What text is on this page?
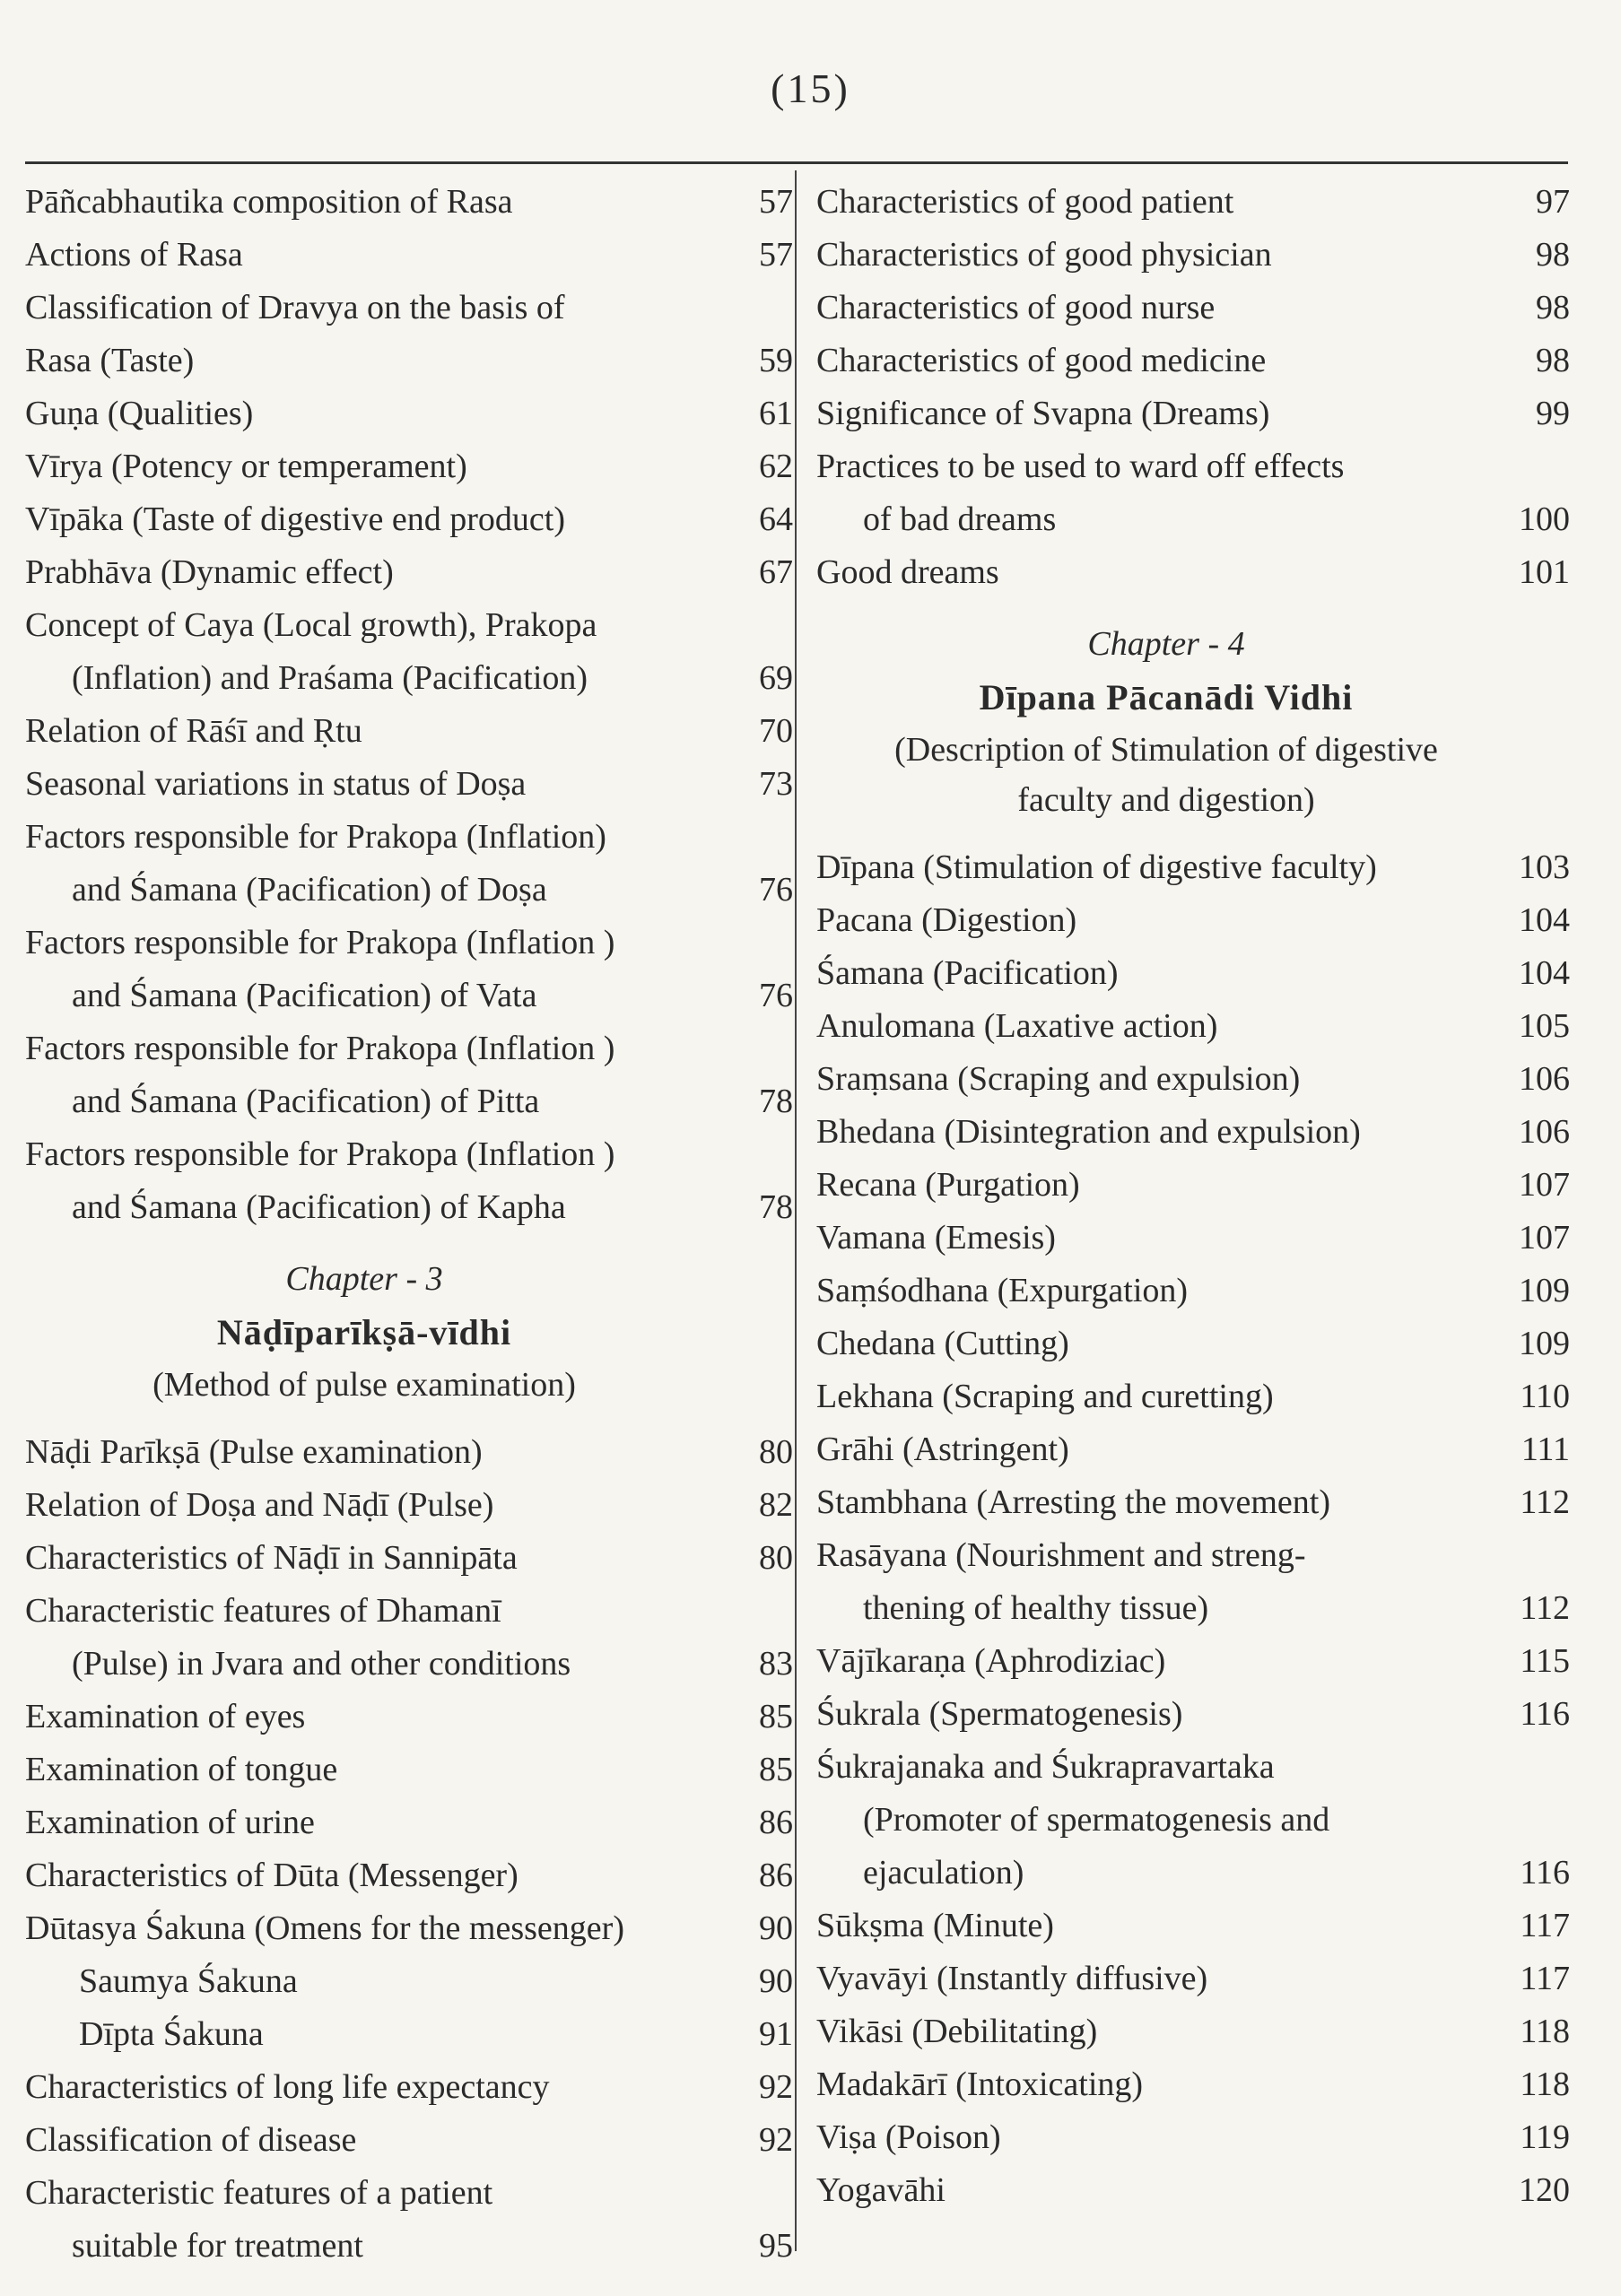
(15)
Pāñcabhautika composition of Rasa	57
Actions of Rasa	57
Classification of Dravya on the basis of
Rasa (Taste)	59
Guṇa (Qualities)	61
Vīrya (Potency or temperament)	62
Vīpāka (Taste of digestive end product)	64
Prabhāva (Dynamic effect)	67
Concept of Caya (Local growth), Prakopa
(Inflation) and Praśama (Pacification)	69
Relation of Rāśī and Ṛtu	70
Seasonal variations in status of Doṣa	73
Factors responsible for Prakopa (Inflation)
and Śamana (Pacification) of Doṣa	76
Factors responsible for Prakopa (Inflation )
and Śamana (Pacification) of Vata	76
Factors responsible for Prakopa (Inflation )
and Śamana (Pacification) of Pitta	78
Factors responsible for Prakopa (Inflation )
and Śamana (Pacification) of Kapha	78
Chapter - 3
Nāḍīparīkṣā-vīdhi
(Method of pulse examination)
Nāḍi Parīkṣā (Pulse examination)	80
Relation of Doṣa and Nāḍī (Pulse)	82
Characteristics of Nāḍī in Sannipāta	80
Characteristic features of Dhamanī
(Pulse) in Jvara and other conditions	83
Examination of eyes	85
Examination of tongue	85
Examination of urine	86
Characteristics of Dūta (Messenger)	86
Dūtasya Śakuna (Omens for the messenger)	90
Saumya Śakuna	90
Dīpta Śakuna	91
Characteristics of long life expectancy	92
Classification of disease	92
Characteristic features of a patient
suitable for treatment	95
Characteristics of good patient	97
Characteristics of good physician	98
Characteristics of good nurse	98
Characteristics of good medicine	98
Significance of Svapna (Dreams)	99
Practices to be used to ward off effects
of bad dreams	100
Good dreams	101
Chapter - 4
Dīpana Pācanādi Vidhi
(Description of Stimulation of digestive
faculty and digestion)
Dīpana (Stimulation of digestive faculty)	103
Pacana (Digestion)	104
Śamana (Pacification)	104
Anulomana (Laxative action)	105
Sraṃsana (Scraping and expulsion)	106
Bhedana (Disintegration and expulsion)	106
Recana (Purgation)	107
Vamana (Emesis)	107
Saṃśodhana (Expurgation)	109
Chedana (Cutting)	109
Lekhana (Scraping and curetting)	110
Grāhi (Astringent)	111
Stambhana (Arresting the movement)	112
Rasāyana (Nourishment and streng-
thening of healthy tissue)	112
Vājīkaraṇa (Aphrodiziac)	115
Śukrala (Spermatogenesis)	116
Śukrajanaka and Śukrapravartaka
(Promoter of spermatogenesis and
ejaculation)	116
Sūkṣma (Minute)	117
Vyavāyi (Instantly diffusive)	117
Vikāsi (Debilitating)	118
Madakārī (Intoxicating)	118
Viṣa (Poison)	119
Yogavāhi	120
